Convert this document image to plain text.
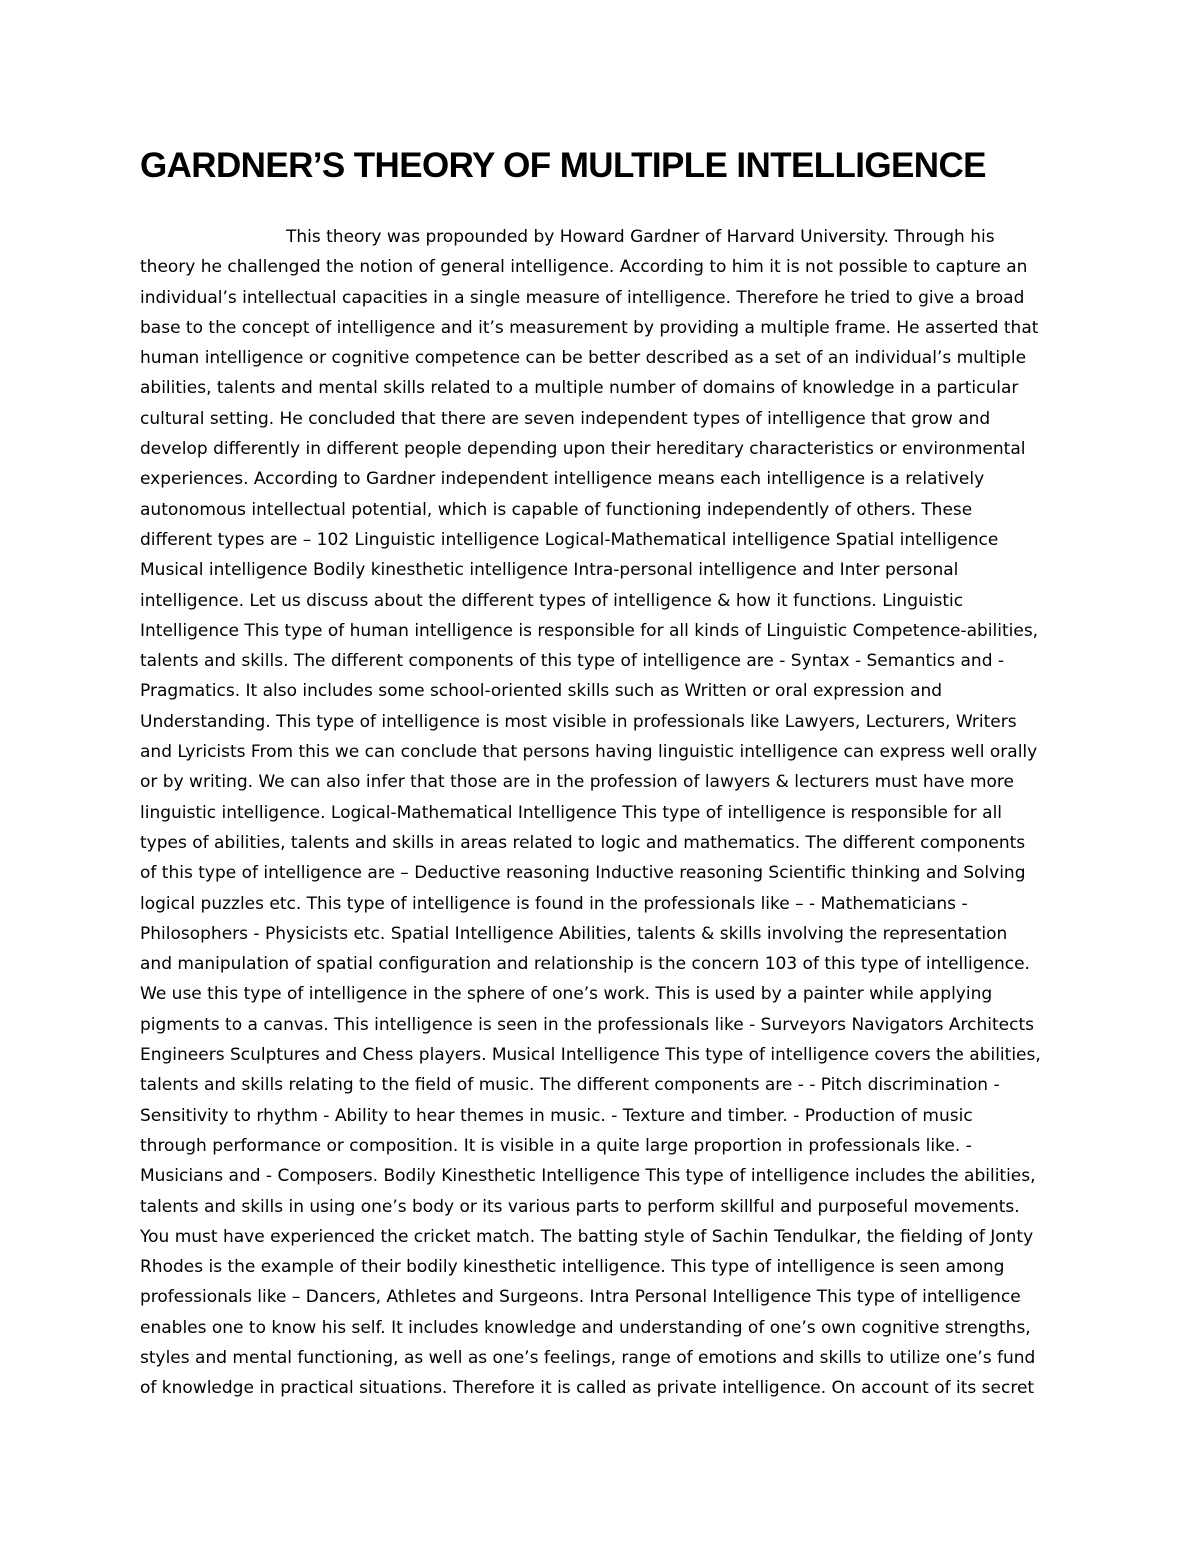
GARDNER’S THEORY OF MULTIPLE INTELLIGENCE
This theory was propounded by Howard Gardner of Harvard University. Through his
theory he challenged the notion of general intelligence. According to him it is not possible to capture an
individual’s intellectual capacities in a single measure of intelligence. Therefore he tried to give a broad
base to the concept of intelligence and it’s measurement by providing a multiple frame. He asserted that
human intelligence or cognitive competence can be better described as a set of an individual’s multiple
abilities, talents and mental skills related to a multiple number of domains of knowledge in a particular
cultural setting. He concluded that there are seven independent types of intelligence that grow and
develop differently in different people depending upon their hereditary characteristics or environmental
experiences. According to Gardner independent intelligence means each intelligence is a relatively
autonomous intellectual potential, which is capable of functioning independently of others. These
different types are – 102 Linguistic intelligence Logical-Mathematical intelligence Spatial intelligence
Musical intelligence Bodily kinesthetic intelligence Intra-personal intelligence and Inter personal
intelligence. Let us discuss about the different types of intelligence & how it functions. Linguistic
Intelligence This type of human intelligence is responsible for all kinds of Linguistic Competence-abilities,
talents and skills. The different components of this type of intelligence are - Syntax - Semantics and -
Pragmatics. It also includes some school-oriented skills such as Written or oral expression and
Understanding. This type of intelligence is most visible in professionals like Lawyers, Lecturers, Writers
and Lyricists From this we can conclude that persons having linguistic intelligence can express well orally
or by writing. We can also infer that those are in the profession of lawyers & lecturers must have more
linguistic intelligence. Logical-Mathematical Intelligence This type of intelligence is responsible for all
types of abilities, talents and skills in areas related to logic and mathematics. The different components
of this type of intelligence are – Deductive reasoning Inductive reasoning Scientific thinking and Solving
logical puzzles etc. This type of intelligence is found in the professionals like – - Mathematicians -
Philosophers - Physicists etc. Spatial Intelligence Abilities, talents & skills involving the representation
and manipulation of spatial configuration and relationship is the concern 103 of this type of intelligence.
We use this type of intelligence in the sphere of one’s work. This is used by a painter while applying
pigments to a canvas. This intelligence is seen in the professionals like - Surveyors Navigators Architects
Engineers Sculptures and Chess players. Musical Intelligence This type of intelligence covers the abilities,
talents and skills relating to the field of music. The different components are - - Pitch discrimination -
Sensitivity to rhythm - Ability to hear themes in music. - Texture and timber. - Production of music
through performance or composition. It is visible in a quite large proportion in professionals like. -
Musicians and - Composers. Bodily Kinesthetic Intelligence This type of intelligence includes the abilities,
talents and skills in using one’s body or its various parts to perform skillful and purposeful movements.
You must have experienced the cricket match. The batting style of Sachin Tendulkar, the fielding of Jonty
Rhodes is the example of their bodily kinesthetic intelligence. This type of intelligence is seen among
professionals like – Dancers, Athletes and Surgeons. Intra Personal Intelligence This type of intelligence
enables one to know his self. It includes knowledge and understanding of one’s own cognitive strengths,
styles and mental functioning, as well as one’s feelings, range of emotions and skills to utilize one’s fund
of knowledge in practical situations. Therefore it is called as private intelligence. On account of its secret
